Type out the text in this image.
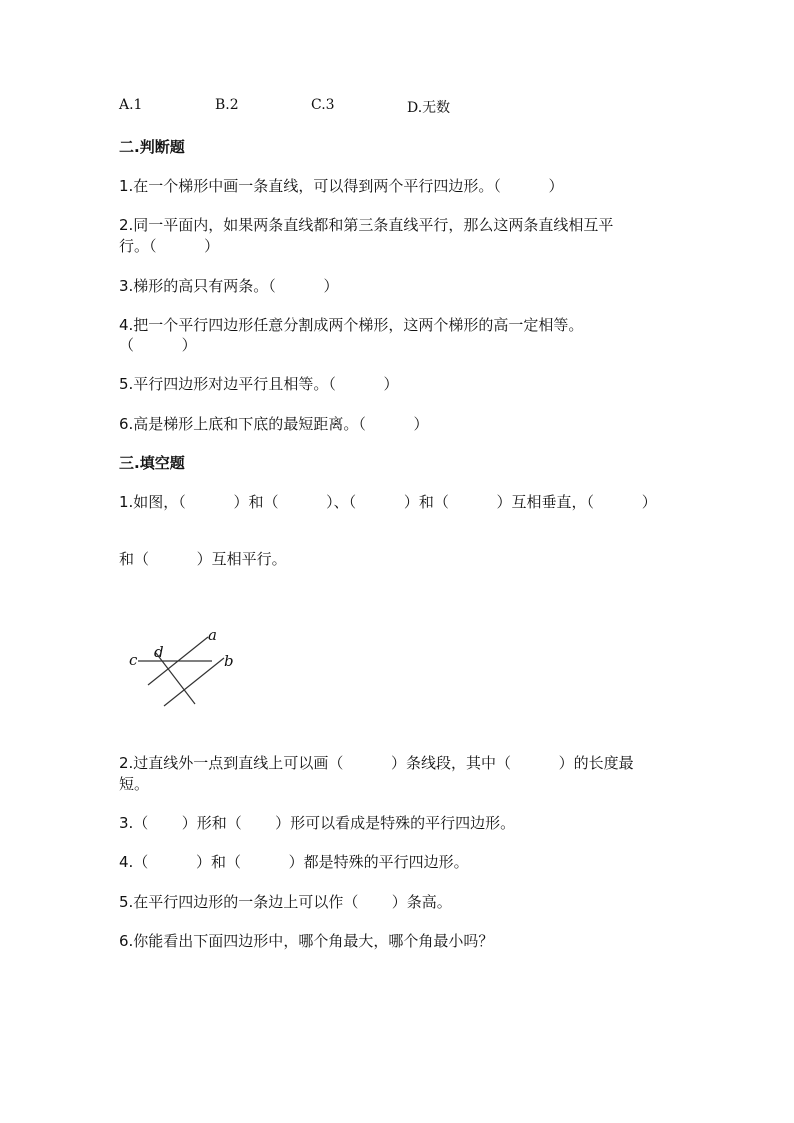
A.1	B.2	C.3	D.无数
二.判断题
1.在一个梯形中画一条直线，可以得到两个平行四边形。（          ）
2.同一平面内，如果两条直线都和第三条直线平行，那么这两条直线相互平
行。（          ）
3.梯形的高只有两条。（          ）
4.把一个平行四边形任意分割成两个梯形，这两个梯形的高一定相等。
（          ）
5.平行四边形对边平行且相等。（          ）
6.高是梯形上底和下底的最短距离。（          ）
三.填空题
1.如图，（          ）和（          ）、（          ）和（          ）互相垂直，（          ）
和（          ）互相平行。
a
b
c d
2.过直线外一点到直线上可以画（          ）条线段，其中（          ）的长度最
短。
3.（       ）形和（       ）形可以看成是特殊的平行四边形。
4.（          ）和（          ）都是特殊的平行四边形。
5.在平行四边形的一条边上可以作（       ）条高。
6.你能看出下面四边形中，哪个角最大，哪个角最小吗？
